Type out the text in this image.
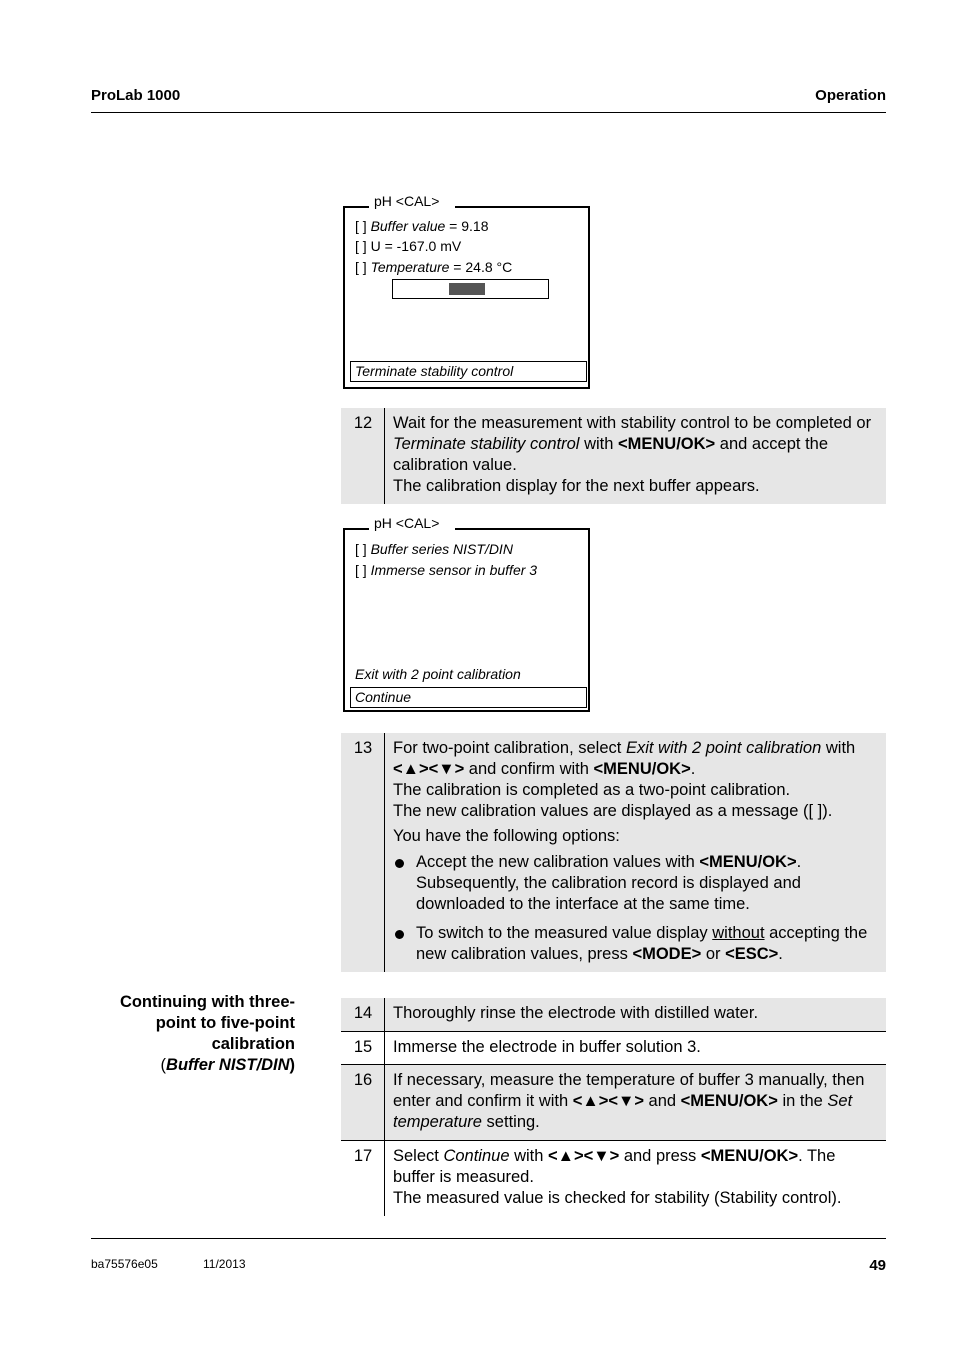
ProLab 1000	Operation
pH <CAL>
[ ] Buffer value = 9.18
[ ] U = -167.0 mV
[ ] Temperature = 24.8 °C
Terminate stability control
12	Wait for the measurement with stability control to be completed or Terminate stability control with <MENU/OK> and accept the calibration value.

The calibration display for the next buffer appears.

pH <CAL>
[ ] Buffer series NIST/DIN
[ ] Immerse sensor in buffer 3
Exit with 2 point calibration
Continue
13	For two-point calibration, select Exit with 2 point calibration with <▲><▼> and confirm with <MENU/OK>.

The calibration is completed as a two-point calibration.

The new calibration values are displayed as a message ([ ]).

You have the following options:

Accept the new calibration values with <MENU/OK>. Subsequently, the calibration record is displayed and downloaded to the interface at the same time.
To switch to the measured value display without accepting the new calibration values, press <MODE> or <ESC>.
Continuing with three-
point to five-point
calibration
(Buffer NIST/DIN)
14	Thoroughly rinse the electrode with distilled water.
15	Immerse the electrode in buffer solution 3.
16	If necessary, measure the temperature of buffer 3 manually, then enter and confirm it with <▲><▼> and <MENU/OK> in the Set temperature setting.

17	Select Continue with <▲><▼> and press <MENU/OK>. The buffer is measured.

The measured value is checked for stability (Stability control).

ba75576e05	11/2013	49
